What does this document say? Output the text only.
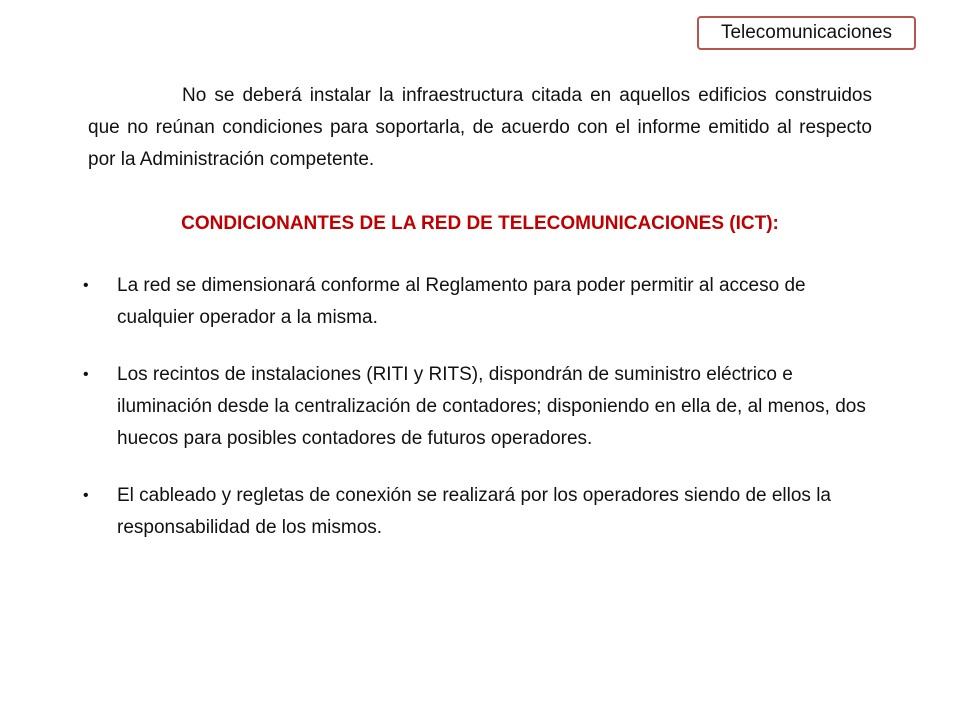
Telecomunicaciones

No se deberá instalar la infraestructura citada en aquellos edificios construidos que no reúnan condiciones para soportarla, de acuerdo con el informe emitido al respecto por la Administración competente.

CONDICIONANTES DE LA RED DE TELECOMUNICACIONES (ICT):
• La red se dimensionará conforme al Reglamento para poder permitir al acceso de cualquier operador a la misma.
• Los recintos de instalaciones (RITI y RITS), dispondrán de suministro eléctrico e iluminación desde la centralización de contadores; disponiendo en ella de, al menos, dos huecos para posibles contadores de futuros operadores.
• El cableado y regletas de conexión se realizará por los operadores siendo de ellos la responsabilidad de los mismos.
